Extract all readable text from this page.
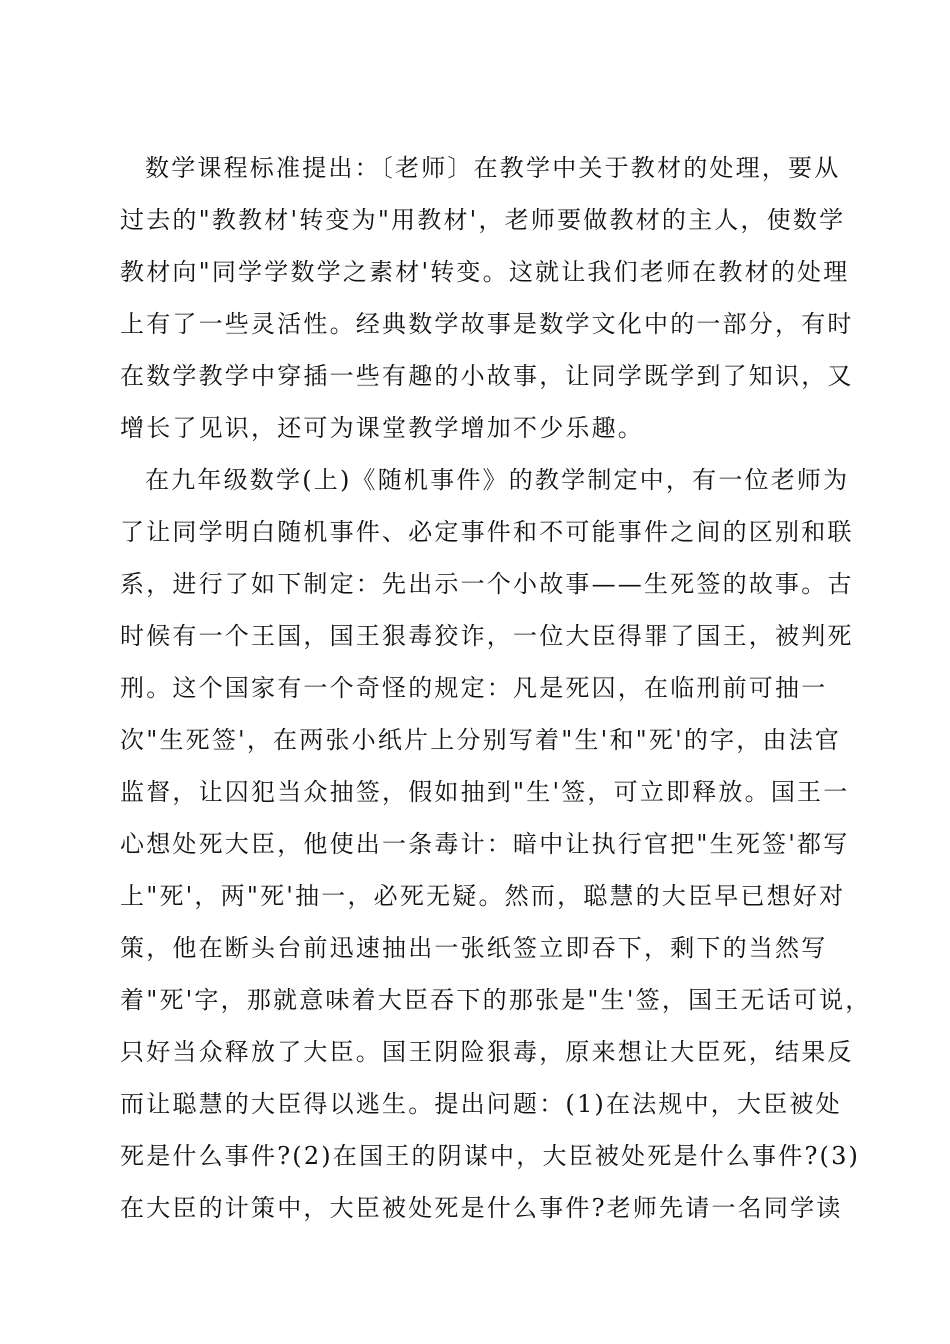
数学课程标准提出：〔老师〕在教学中关于教材的处理，要从
过去的"教教材'转变为"用教材'，老师要做教材的主人，使数学
教材向"同学学数学之素材'转变。这就让我们老师在教材的处理
上有了一些灵活性。经典数学故事是数学文化中的一部分，有时
在数学教学中穿插一些有趣的小故事，让同学既学到了知识，又
增长了见识，还可为课堂教学增加不少乐趣。
在九年级数学(上)《随机事件》的教学制定中，有一位老师为
了让同学明白随机事件、必定事件和不可能事件之间的区别和联
系，进行了如下制定：先出示一个小故事——生死签的故事。古
时候有一个王国，国王狠毒狡诈，一位大臣得罪了国王，被判死
刑。这个国家有一个奇怪的规定：凡是死囚，在临刑前可抽一
次"生死签'，在两张小纸片上分别写着"生'和"死'的字，由法官
监督，让囚犯当众抽签，假如抽到"生'签，可立即释放。国王一
心想处死大臣，他使出一条毒计：暗中让执行官把"生死签'都写
上"死'，两"死'抽一，必死无疑。然而，聪慧的大臣早已想好对
策，他在断头台前迅速抽出一张纸签立即吞下，剩下的当然写
着"死'字，那就意味着大臣吞下的那张是"生'签，国王无话可说，
只好当众释放了大臣。国王阴险狠毒，原来想让大臣死，结果反
而让聪慧的大臣得以逃生。提出问题：(1)在法规中，大臣被处
死是什么事件?(2)在国王的阴谋中，大臣被处死是什么事件?(3)
在大臣的计策中，大臣被处死是什么事件?老师先请一名同学读
